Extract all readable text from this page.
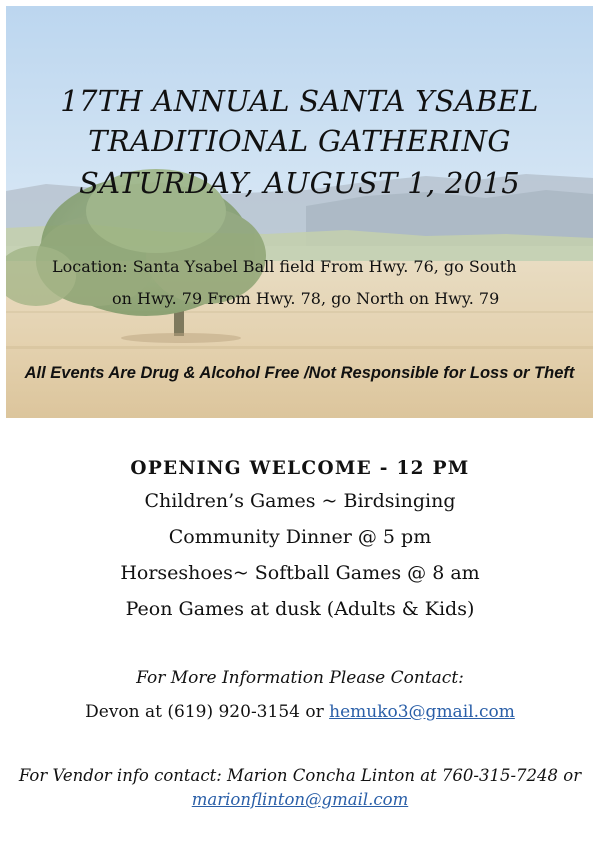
17TH ANNUAL SANTA YSABEL
TRADITIONAL GATHERING
SATURDAY, AUGUST 1, 2015
Location: Santa Ysabel Ball field From Hwy. 76, go South
on Hwy. 79 From Hwy. 78, go North on Hwy. 79
All Events Are Drug & Alcohol Free /Not Responsible for Loss or Theft
OPENING WELCOME - 12 PM
Children’s Games ~ Birdsinging
Community Dinner @ 5 pm
Horseshoes~ Softball Games @ 8 am
Peon Games at dusk (Adults & Kids)
For More Information Please Contact:
Devon at (619) 920-3154 or hemuko3@gmail.com
For Vendor info contact: Marion Concha Linton at 760-315-7248 or
marionflinton@gmail.com
